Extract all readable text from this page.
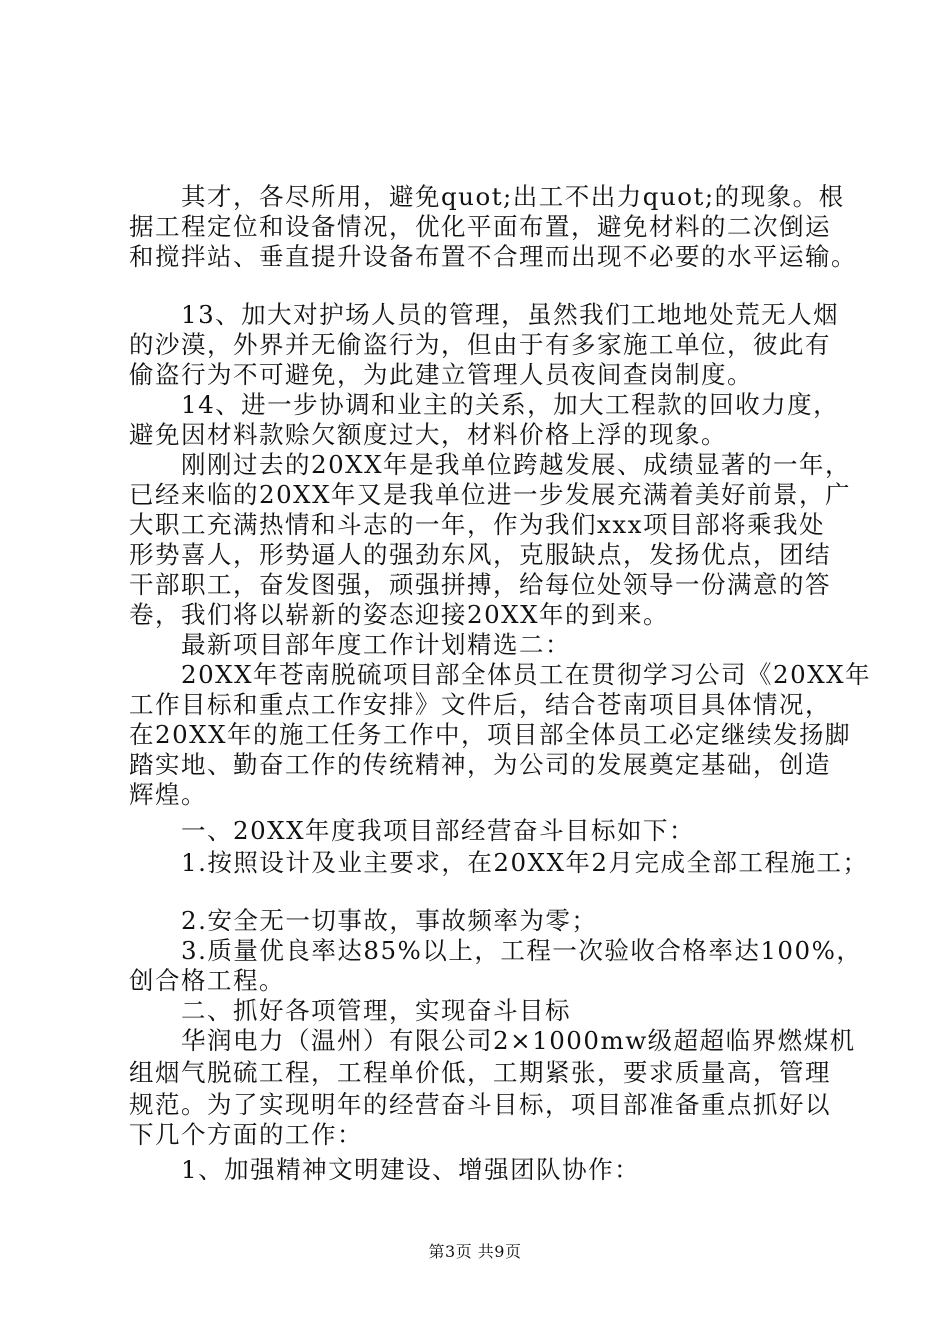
其才，各尽所用，避免quot;出工不出力quot;的现象。根
据工程定位和设备情况，优化平面布置，避免材料的二次倒运
和搅拌站、垂直提升设备布置不合理而出现不必要的水平运输。
13、加大对护场人员的管理，虽然我们工地地处荒无人烟
的沙漠，外界并无偷盗行为，但由于有多家施工单位，彼此有
偷盗行为不可避免，为此建立管理人员夜间查岗制度。
14、进一步协调和业主的关系，加大工程款的回收力度，
避免因材料款赊欠额度过大，材料价格上浮的现象。
刚刚过去的20XX年是我单位跨越发展、成绩显著的一年，
已经来临的20XX年又是我单位进一步发展充满着美好前景，广
大职工充满热情和斗志的一年，作为我们xxx项目部将乘我处
形势喜人，形势逼人的强劲东风，克服缺点，发扬优点，团结
干部职工，奋发图强，顽强拼搏，给每位处领导一份满意的答
卷，我们将以崭新的姿态迎接20XX年的到来。
最新项目部年度工作计划精选二：
20XX年苍南脱硫项目部全体员工在贯彻学习公司《20XX年
工作目标和重点工作安排》文件后，结合苍南项目具体情况，
在20XX年的施工任务工作中，项目部全体员工必定继续发扬脚
踏实地、勤奋工作的传统精神，为公司的发展奠定基础，创造
辉煌。
一、20XX年度我项目部经营奋斗目标如下：
1.按照设计及业主要求，在20XX年2月完成全部工程施工；
2.安全无一切事故，事故频率为零；
3.质量优良率达85%以上，工程一次验收合格率达100%，
创合格工程。
二、抓好各项管理，实现奋斗目标
华润电力（温州）有限公司2×1000mw级超超临界燃煤机
组烟气脱硫工程，工程单价低，工期紧张，要求质量高，管理
规范。为了实现明年的经营奋斗目标，项目部准备重点抓好以
下几个方面的工作：
1、加强精神文明建设、增强团队协作：
第3页 共9页
